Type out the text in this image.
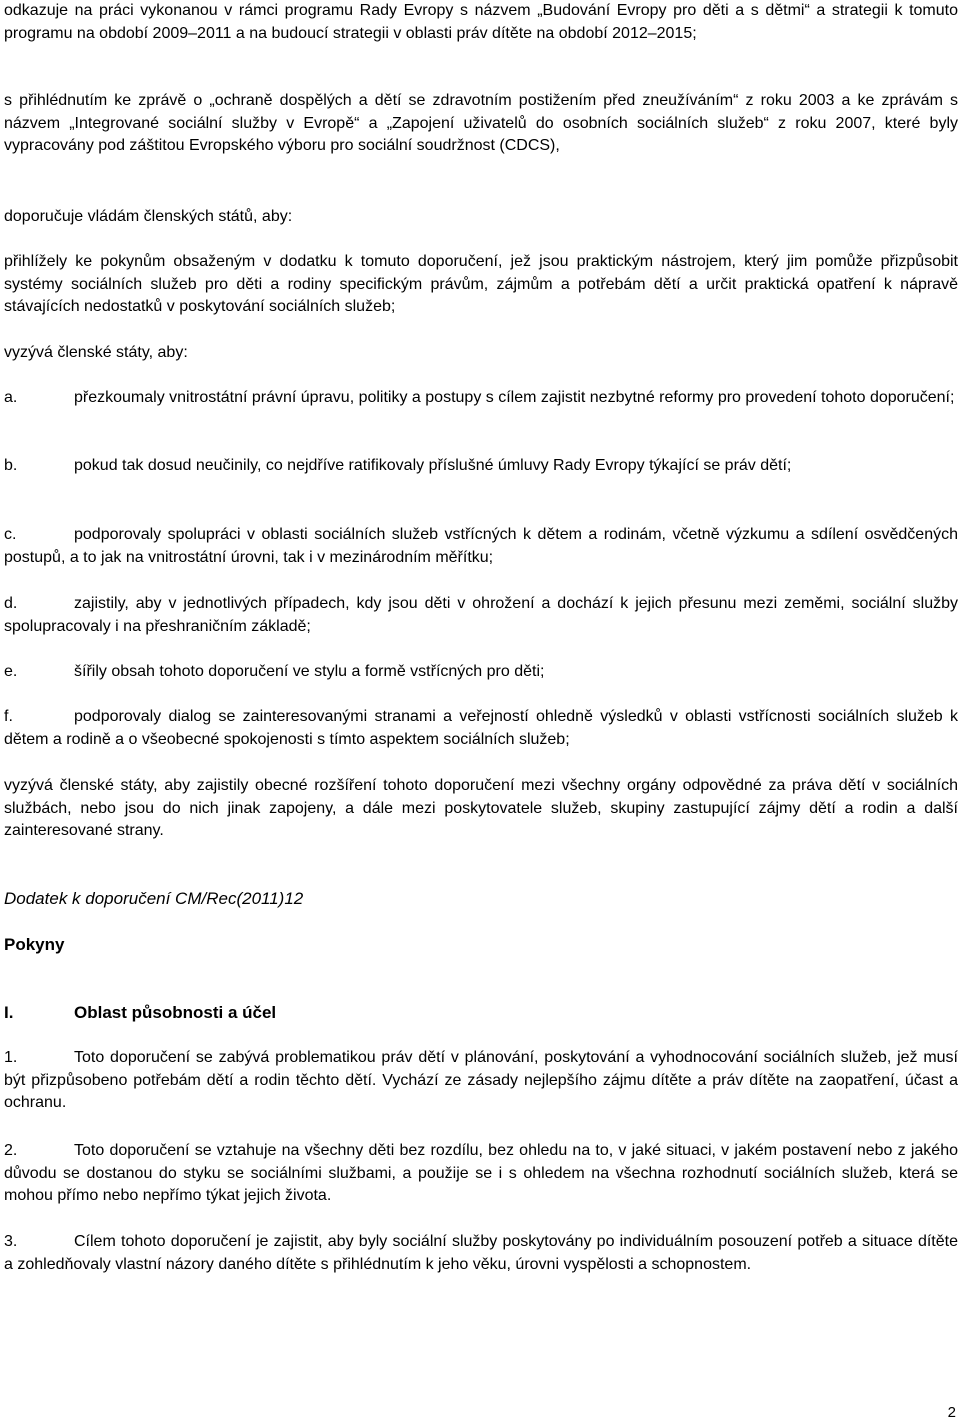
odkazuje na práci vykonanou v rámci programu Rady Evropy s názvem „Budování Evropy pro děti a s dětmi“ a strategii k tomuto programu na období 2009–2011 a na budoucí strategii v oblasti práv dítěte na období 2012–2015;

s přihlédnutím ke zprávě o „ochraně dospělých a dětí se zdravotním postižením před zneužíváním“ z roku 2003 a ke zprávám s názvem „Integrované sociální služby v Evropě“ a „Zapojení uživatelů do osobních sociálních služeb“ z roku 2007, které byly vypracovány pod záštitou Evropského výboru pro sociální soudržnost (CDCS),

doporučuje vládám členských států, aby:

přihlížely ke pokynům obsaženým v dodatku k tomuto doporučení, jež jsou praktickým nástrojem, který jim pomůže přizpůsobit systémy sociálních služeb pro děti a rodiny specifickým právům, zájmům a potřebám dětí a určit praktická opatření k nápravě stávajících nedostatků v poskytování sociálních služeb;

vyzývá členské státy, aby:

a.	přezkoumaly vnitrostátní právní úpravu, politiky a postupy s cílem zajistit nezbytné reformy pro provedení tohoto doporučení;

b.	pokud tak dosud neučinily, co nejdříve ratifikovaly příslušné úmluvy Rady Evropy týkající se práv dětí;

c.	podporovaly spolupráci v oblasti sociálních služeb vstřícných k dětem a rodinám, včetně výzkumu a sdílení osvědčených postupů, a to jak na vnitrostátní úrovni, tak i v mezinárodním měřítku;

d.	zajistily, aby v jednotlivých případech, kdy jsou děti v ohrožení a dochází k jejich přesunu mezi zeměmi, sociální služby spolupracovaly i na přeshraničním základě;

e.	šířily obsah tohoto doporučení ve stylu a formě vstřícných pro děti;

f.	podporovaly dialog se zainteresovanými stranami a veřejností ohledně výsledků v oblasti vstřícnosti sociálních služeb k dětem a rodině a o všeobecné spokojenosti s tímto aspektem sociálních služeb;

vyzývá členské státy, aby zajistily obecné rozšíření tohoto doporučení mezi všechny orgány odpovědné za práva dětí v sociálních službách, nebo jsou do nich jinak zapojeny, a dále mezi poskytovatele služeb, skupiny zastupující zájmy dětí a rodin a další zainteresované strany.

Dodatek k doporučení CM/Rec(2011)12

Pokyny

I.	Oblast působnosti a účel

1.	Toto doporučení se zabývá problematikou práv dětí v plánování, poskytování a vyhodnocování sociálních služeb, jež musí být přizpůsobeno potřebám dětí a rodin těchto dětí. Vychází ze zásady nejlepšího zájmu dítěte a práv dítěte na zaopatření, účast a ochranu.

2.	Toto doporučení se vztahuje na všechny děti bez rozdílu, bez ohledu na to, v jaké situaci, v jakém postavení nebo z jakého důvodu se dostanou do styku se sociálními službami, a použije se i s ohledem na všechna rozhodnutí sociálních služeb, která se mohou přímo nebo nepřímo týkat jejich života.

3.	Cílem tohoto doporučení je zajistit, aby byly sociální služby poskytovány po individuálním posouzení potřeb a situace dítěte a zohledňovaly vlastní názory daného dítěte s přihlédnutím k jeho věku, úrovni vyspělosti a schopnostem.

2
